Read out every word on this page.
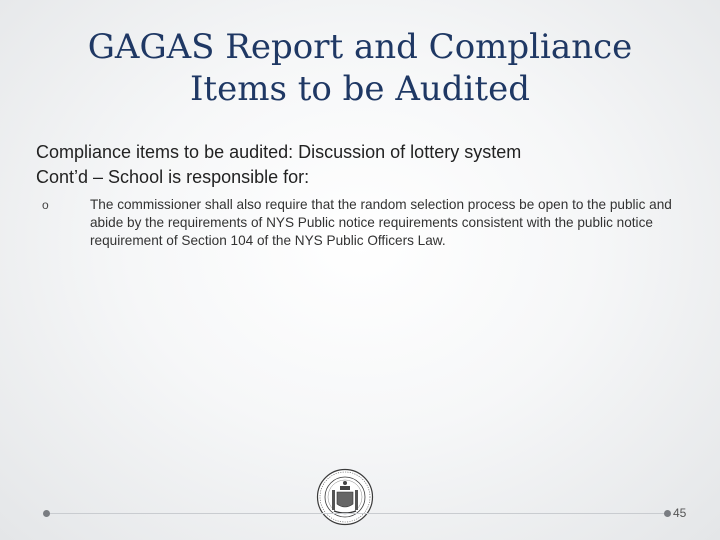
GAGAS Report and Compliance Items to be Audited
Compliance items to be audited: Discussion of lottery system
Cont’d – School is responsible for:
o	The commissioner shall also require that the random selection process be open to the public and abide by the requirements of NYS Public notice requirements consistent with the public notice requirement of Section 104 of the NYS Public Officers Law.
45
